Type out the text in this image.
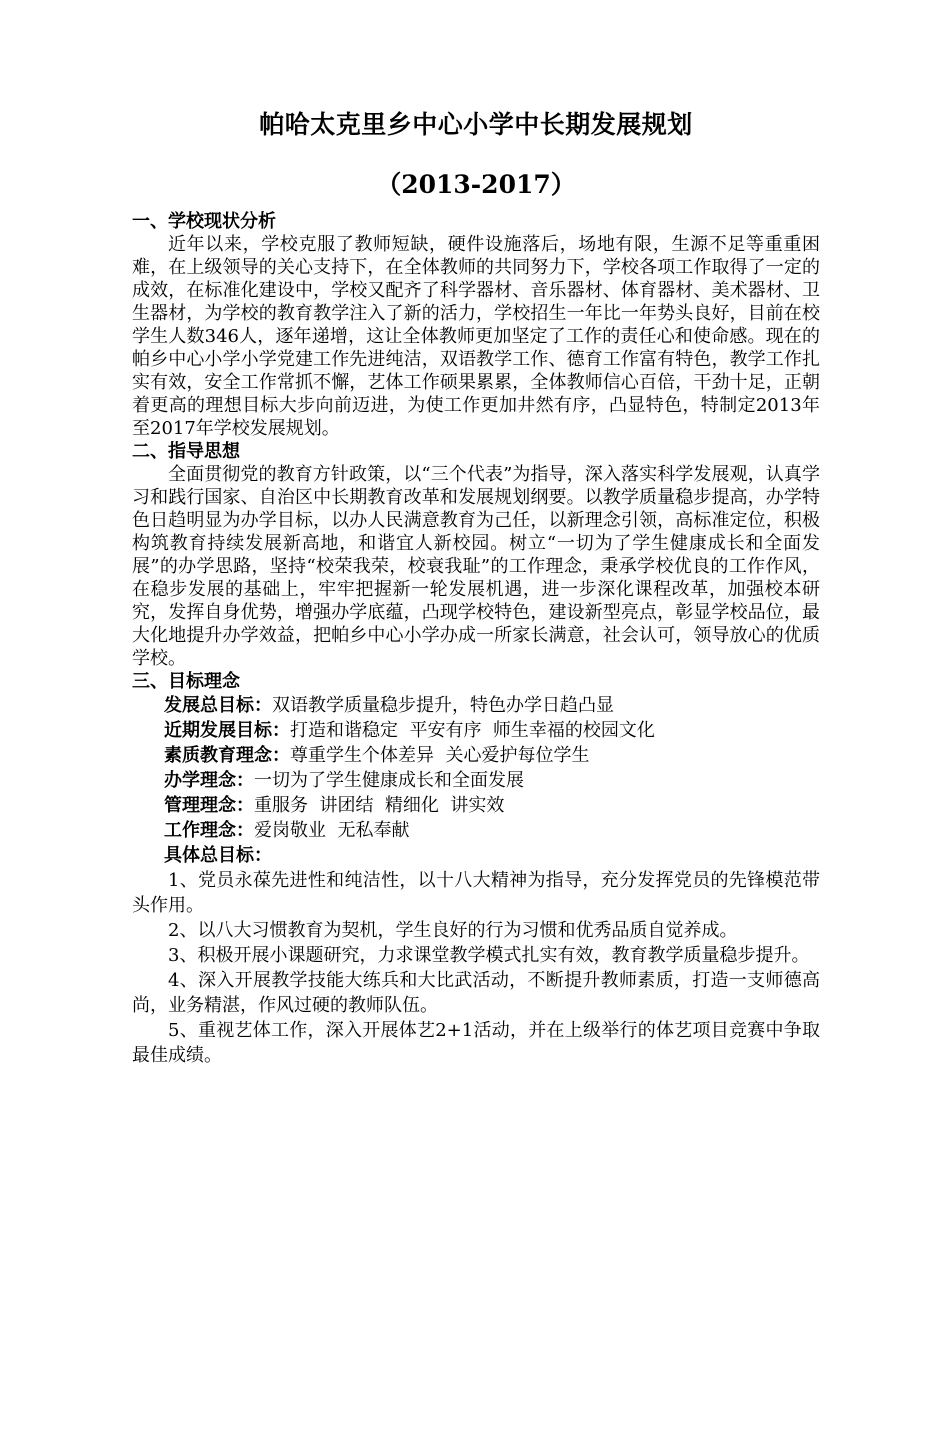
帕哈太克里乡中心小学中长期发展规划
（2013-2017）
一、学校现状分析

近年以来，学校克服了教师短缺，硬件设施落后，场地有限，生源不足等重重困难，在上级领导的关心支持下，在全体教师的共同努力下，学校各项工作取得了一定的成效，在标准化建设中，学校又配齐了科学器材、音乐器材、体育器材、美术器材、卫生器材，为学校的教育教学注入了新的活力，学校招生一年比一年势头良好，目前在校学生人数346人，逐年递增，这让全体教师更加坚定了工作的责任心和使命感。现在的帕乡中心小学小学党建工作先进纯洁，双语教学工作、德育工作富有特色，教学工作扎实有效，安全工作常抓不懈，艺体工作硕果累累，全体教师信心百倍，干劲十足，正朝着更高的理想目标大步向前迈进，为使工作更加井然有序，凸显特色，特制定2013年至2017年学校发展规划。

二、指导思想

全面贯彻党的教育方针政策，以“三个代表”为指导，深入落实科学发展观，认真学习和践行国家、自治区中长期教育改革和发展规划纲要。以教学质量稳步提高，办学特色日趋明显为办学目标，以办人民满意教育为己任，以新理念引领，高标准定位，积极构筑教育持续发展新高地，和谐宜人新校园。树立“一切为了学生健康成长和全面发展”的办学思路，坚持“校荣我荣，校衰我耻”的工作理念，秉承学校优良的工作作风，在稳步发展的基础上，牢牢把握新一轮发展机遇，进一步深化课程改革，加强校本研究，发挥自身优势，增强办学底蕴，凸现学校特色，建设新型亮点，彰显学校品位，最大化地提升办学效益，把帕乡中心小学办成一所家长满意，社会认可，领导放心的优质学校。

三、目标理念
发展总目标：双语教学质量稳步提升，特色办学日趋凸显
近期发展目标：打造和谐稳定  平安有序  师生幸福的校园文化
素质教育理念：尊重学生个体差异  关心爱护每位学生
办学理念：一切为了学生健康成长和全面发展
管理理念：重服务  讲团结  精细化  讲实效
工作理念：爱岗敬业  无私奉献
具体总目标：

1、党员永葆先进性和纯洁性，以十八大精神为指导，充分发挥党员的先锋模范带头作用。

2、以八大习惯教育为契机，学生良好的行为习惯和优秀品质自觉养成。

3、积极开展小课题研究，力求课堂教学模式扎实有效，教育教学质量稳步提升。

4、深入开展教学技能大练兵和大比武活动，不断提升教师素质，打造一支师德高尚，业务精湛，作风过硬的教师队伍。

5、重视艺体工作，深入开展体艺2+1活动，并在上级举行的体艺项目竞赛中争取最佳成绩。
